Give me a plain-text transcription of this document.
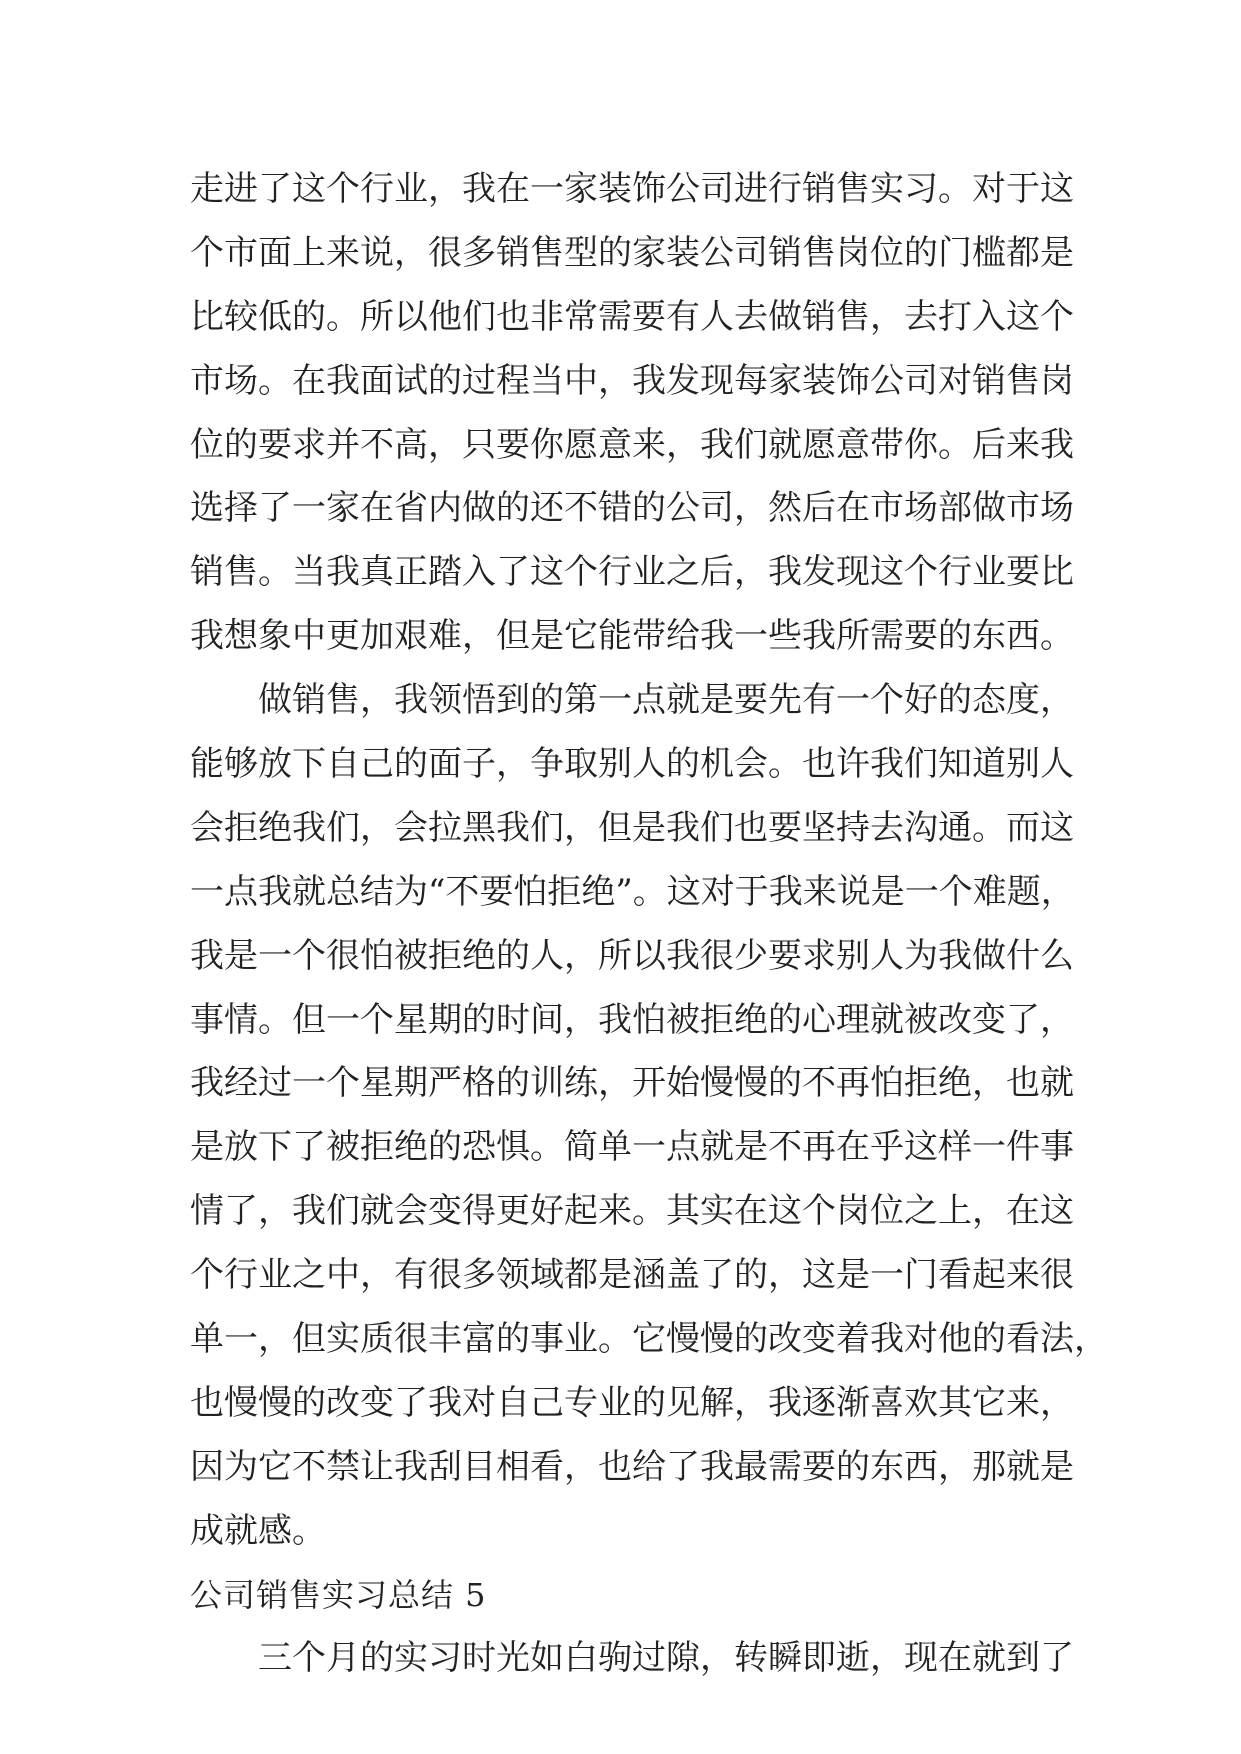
走进了这个行业，我在一家装饰公司进行销售实习。对于这
个市面上来说，很多销售型的家装公司销售岗位的门槛都是
比较低的。所以他们也非常需要有人去做销售，去打入这个
市场。在我面试的过程当中，我发现每家装饰公司对销售岗
位的要求并不高，只要你愿意来，我们就愿意带你。后来我
选择了一家在省内做的还不错的公司，然后在市场部做市场
销售。当我真正踏入了这个行业之后，我发现这个行业要比
我想象中更加艰难，但是它能带给我一些我所需要的东西。
做销售，我领悟到的第一点就是要先有一个好的态度，
能够放下自己的面子，争取别人的机会。也许我们知道别人
会拒绝我们，会拉黑我们，但是我们也要坚持去沟通。而这
一点我就总结为“不要怕拒绝”。这对于我来说是一个难题，
我是一个很怕被拒绝的人，所以我很少要求别人为我做什么
事情。但一个星期的时间，我怕被拒绝的心理就被改变了，
我经过一个星期严格的训练，开始慢慢的不再怕拒绝，也就
是放下了被拒绝的恐惧。简单一点就是不再在乎这样一件事
情了，我们就会变得更好起来。其实在这个岗位之上，在这
个行业之中，有很多领域都是涵盖了的，这是一门看起来很
单一，但实质很丰富的事业。它慢慢的改变着我对他的看法，
也慢慢的改变了我对自己专业的见解，我逐渐喜欢其它来，
因为它不禁让我刮目相看，也给了我最需要的东西，那就是
成就感。
公司销售实习总结 5
三个月的实习时光如白驹过隙，转瞬即逝，现在就到了
